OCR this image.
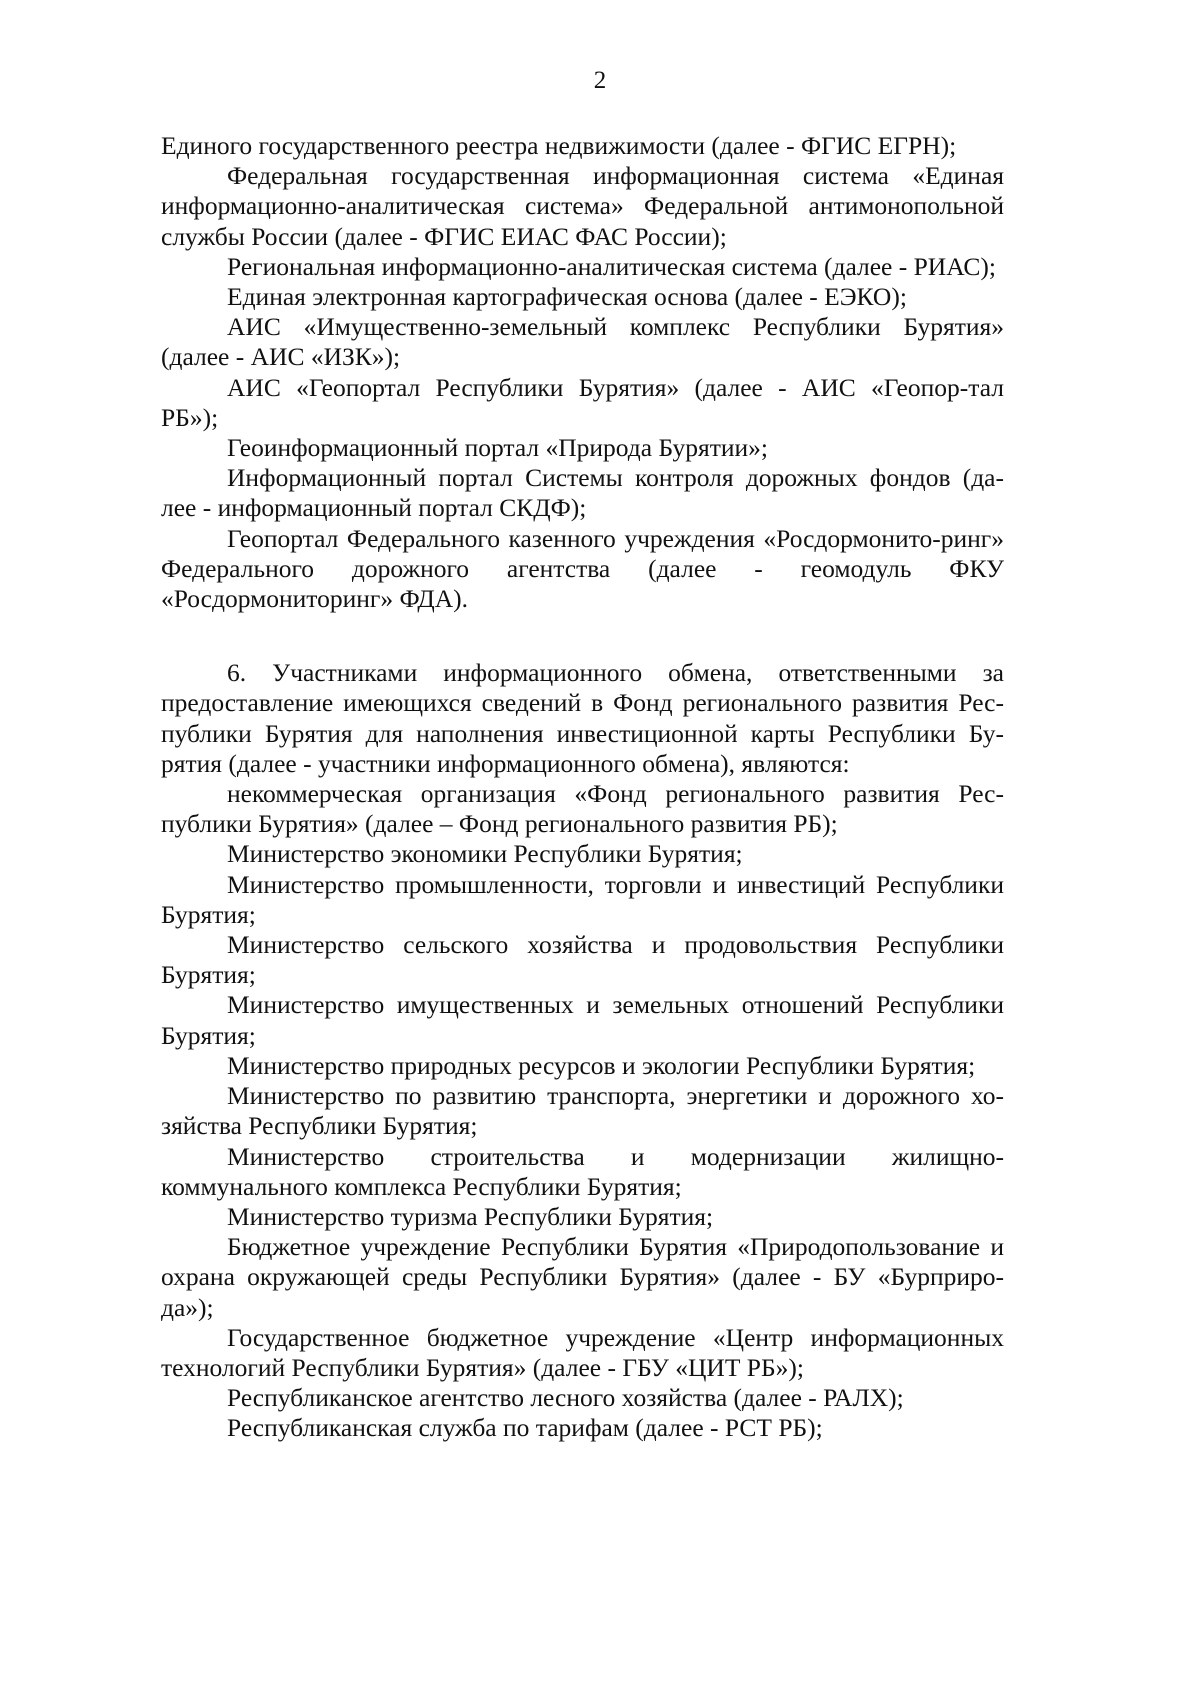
2

Единого государственного реестра недвижимости (далее - ФГИС ЕГРН);

Федеральная государственная информационная система «Единая информационно-аналитическая система» Федеральной антимонопольной службы России (далее - ФГИС ЕИАС ФАС России);

Региональная информационно-аналитическая система (далее - РИАС);

Единая электронная картографическая основа (далее - ЕЭКО);

АИС «Имущественно-земельный комплекс Республики Бурятия» (далее - АИС «ИЗК»);

АИС «Геопортал Республики Бурятия» (далее - АИС «Геопор-тал РБ»);

Геоинформационный портал «Природа Бурятии»;

Информационный портал Системы контроля дорожных фондов (да-лее - информационный портал СКДФ);

Геопортал Федерального казенного учреждения «Росдормонито-ринг» Федерального дорожного агентства (далее - геомодуль ФКУ «Росдормониторинг» ФДА).

6. Участниками информационного обмена, ответственными за предоставление имеющихся сведений в Фонд регионального развития Рес-публики Бурятия для наполнения инвестиционной карты Республики Бу-рятия (далее - участники информационного обмена), являются:

некоммерческая организация «Фонд регионального развития Рес-публики Бурятия» (далее – Фонд регионального развития РБ);

Министерство экономики Республики Бурятия;

Министерство промышленности, торговли и инвестиций Республики Бурятия;

Министерство сельского хозяйства и продовольствия Республики Бурятия;

Министерство имущественных и земельных отношений Республики Бурятия;

Министерство природных ресурсов и экологии Республики Бурятия;

Министерство по развитию транспорта, энергетики и дорожного хо-зяйства Республики Бурятия;

Министерство строительства и модернизации жилищно-коммунального комплекса Республики Бурятия;

Министерство туризма Республики Бурятия;

Бюджетное учреждение Республики Бурятия «Природопользование и охрана окружающей среды Республики Бурятия» (далее - БУ «Бурприро-да»);

Государственное бюджетное учреждение «Центр информационных технологий Республики Бурятия» (далее - ГБУ «ЦИТ РБ»);

Республиканское агентство лесного хозяйства (далее - РАЛХ);

Республиканская служба по тарифам (далее - РСТ РБ);
